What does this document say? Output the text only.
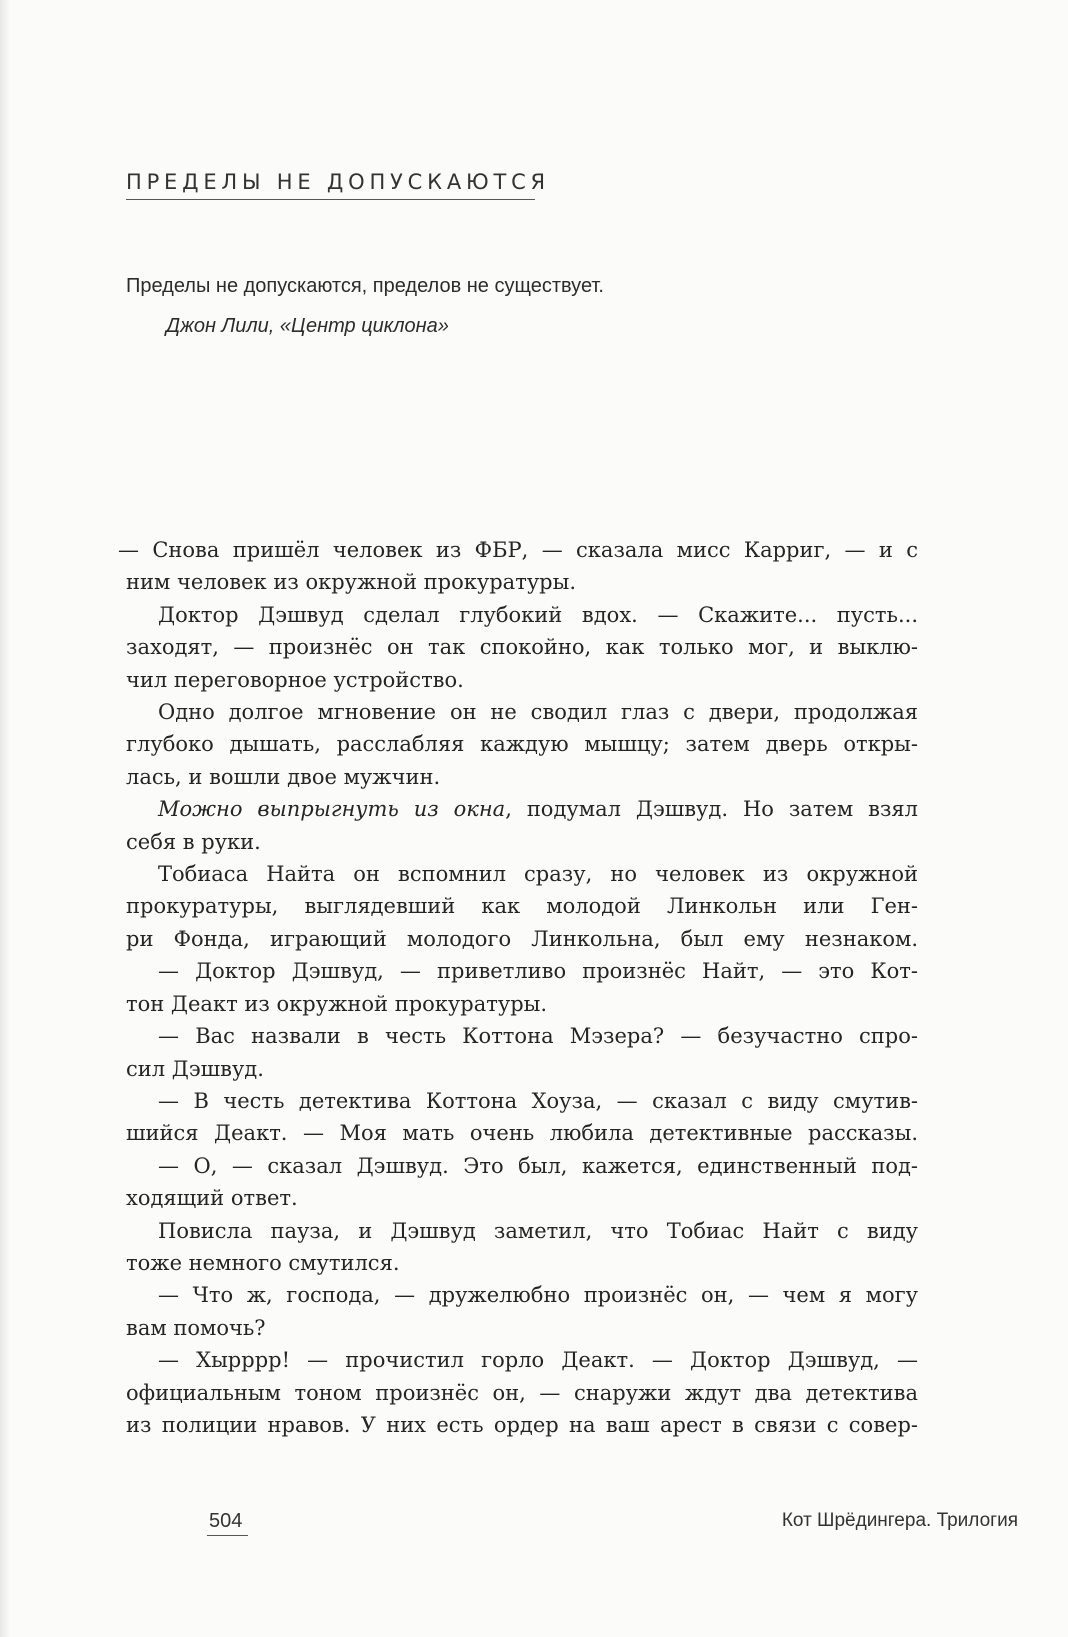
ПРЕДЕЛЫ НЕ ДОПУСКАЮТСЯ

Пределы не допускаются, пределов не существует.

Джон Лили, «Центр циклона»

— Снова пришёл человек из ФБР, — сказала мисс Карриг, — и с
ним человек из окружной прокуратуры.
Доктор Дэшвуд сделал глубокий вдох. — Скажите... пусть...
заходят, — произнёс он так спокойно, как только мог, и выклю-
чил переговорное устройство.
Одно долгое мгновение он не сводил глаз с двери, продолжая
глубоко дышать, расслабляя каждую мышцу; затем дверь откры-
лась, и вошли двое мужчин.
Можно выпрыгнуть из окна, подумал Дэшвуд. Но затем взял
себя в руки.
Тобиаса Найта он вспомнил сразу, но человек из окружной
прокуратуры, выглядевший как молодой Линкольн или Ген-
ри Фонда, играющий молодого Линкольна, был ему незнаком.
— Доктор Дэшвуд, — приветливо произнёс Найт, — это Кот-
тон Деакт из окружной прокуратуры.
— Вас назвали в честь Коттона Мэзера? — безучастно спро-
сил Дэшвуд.
— В честь детектива Коттона Хоуза, — сказал с виду смутив-
шийся Деакт. — Моя мать очень любила детективные рассказы.
— О, — сказал Дэшвуд. Это был, кажется, единственный под-
ходящий ответ.
Повисла пауза, и Дэшвуд заметил, что Тобиас Найт с виду
тоже немного смутился.
— Что ж, господа, — дружелюбно произнёс он, — чем я могу
вам помочь?
— Хырррр! — прочистил горло Деакт. — Доктор Дэшвуд, —
официальным тоном произнёс он, — снаружи ждут два детектива
из полиции нравов. У них есть ордер на ваш арест в связи с совер-

504	Кот Шрёдингера. Трилогия
